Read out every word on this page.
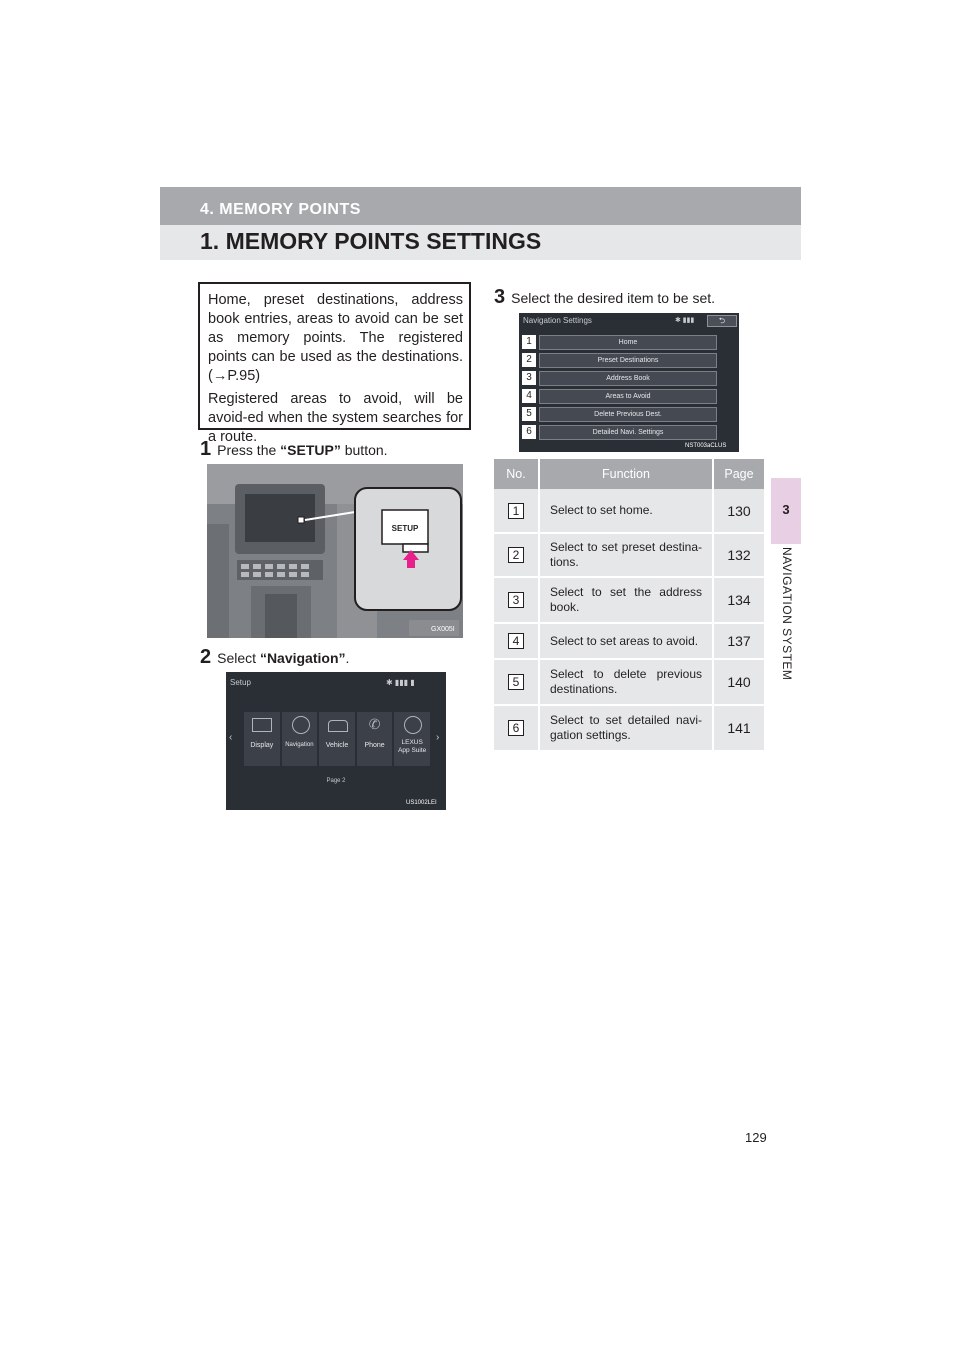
4. MEMORY POINTS
1. MEMORY POINTS SETTINGS
3
NAVIGATION SYSTEM

Home, preset destinations, address book entries, areas to avoid can be set as memory points. The registered points can be used as the destinations. (→P.95)

Registered areas to avoid, will be avoid-ed when the system searches for a route.

1 Press the “SETUP” button.
SETUP
GX005I
2 Select “Navigation”.
Setup	✱ ▮▮▮ ▮
‹	›
Display	Navigation	Vehicle
✆
Phone	LEXUS
App Suite
Page 2
US1002LEI
3 Select the desired item to be set.
Navigation Settings	✱ ▮▮▮	⮌
1	Home
2	Preset Destinations
3	Address Book
4	Areas to Avoid
5	Delete Previous Dest.
6	Detailed Navi. Settings
NST003aCLUS
No.	Function	Page
1	Select to set home.	130
2	Select to set preset destina-tions.	132
3	Select to set the address book.	134
4	Select to set areas to avoid.	137
5	Select to delete previous destinations.	140
6	Select to set detailed navi-gation settings.	141
129
